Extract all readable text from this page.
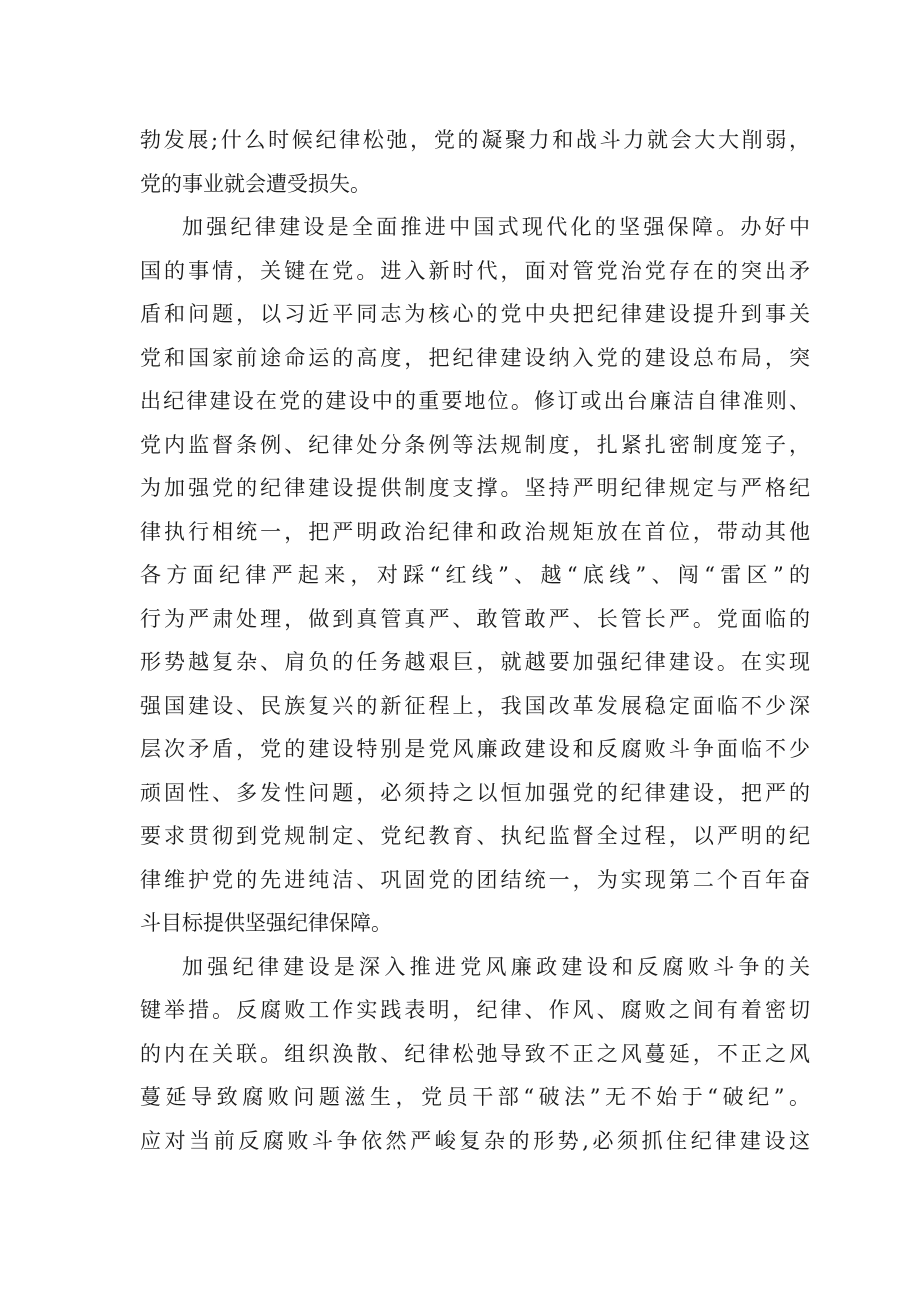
勃发展;什么时候纪律松弛，党的凝聚力和战斗力就会大大削弱，
党的事业就会遭受损失。
加强纪律建设是全面推进中国式现代化的坚强保障。办好中
国的事情，关键在党。进入新时代，面对管党治党存在的突出矛
盾和问题，以习近平同志为核心的党中央把纪律建设提升到事关
党和国家前途命运的高度，把纪律建设纳入党的建设总布局，突
出纪律建设在党的建设中的重要地位。修订或出台廉洁自律准则、
党内监督条例、纪律处分条例等法规制度，扎紧扎密制度笼子，
为加强党的纪律建设提供制度支撑。坚持严明纪律规定与严格纪
律执行相统一，把严明政治纪律和政治规矩放在首位，带动其他
各方面纪律严起来，对踩“红线”、越“底线”、闯“雷区”的
行为严肃处理，做到真管真严、敢管敢严、长管长严。党面临的
形势越复杂、肩负的任务越艰巨，就越要加强纪律建设。在实现
强国建设、民族复兴的新征程上，我国改革发展稳定面临不少深
层次矛盾，党的建设特别是党风廉政建设和反腐败斗争面临不少
顽固性、多发性问题，必须持之以恒加强党的纪律建设，把严的
要求贯彻到党规制定、党纪教育、执纪监督全过程，以严明的纪
律维护党的先进纯洁、巩固党的团结统一，为实现第二个百年奋
斗目标提供坚强纪律保障。
加强纪律建设是深入推进党风廉政建设和反腐败斗争的关
键举措。反腐败工作实践表明，纪律、作风、腐败之间有着密切
的内在关联。组织涣散、纪律松弛导致不正之风蔓延，不正之风
蔓延导致腐败问题滋生，党员干部“破法”无不始于“破纪”。
应对当前反腐败斗争依然严峻复杂的形势,必须抓住纪律建设这
